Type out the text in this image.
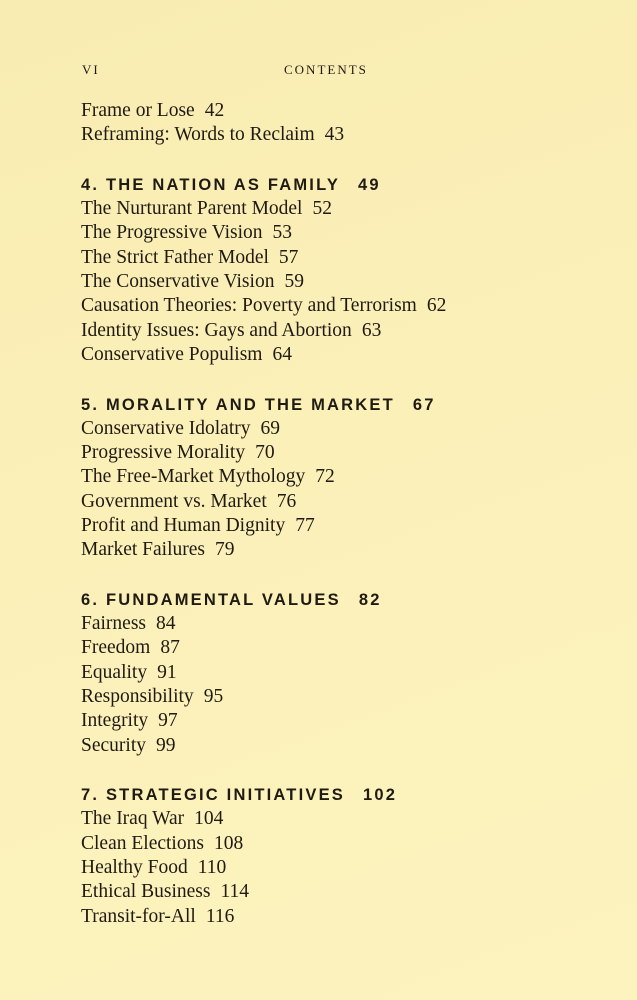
VI	CONTENTS
Frame or Lose 42
Reframing: Words to Reclaim 43
4. THE NATION AS FAMILY 49
The Nurturant Parent Model 52
The Progressive Vision 53
The Strict Father Model 57
The Conservative Vision 59
Causation Theories: Poverty and Terrorism 62
Identity Issues: Gays and Abortion 63
Conservative Populism 64
5. MORALITY AND THE MARKET 67
Conservative Idolatry 69
Progressive Morality 70
The Free-Market Mythology 72
Government vs. Market 76
Profit and Human Dignity 77
Market Failures 79
6. FUNDAMENTAL VALUES 82
Fairness 84
Freedom 87
Equality 91
Responsibility 95
Integrity 97
Security 99
7. STRATEGIC INITIATIVES 102
The Iraq War 104
Clean Elections 108
Healthy Food 110
Ethical Business 114
Transit-for-All 116
